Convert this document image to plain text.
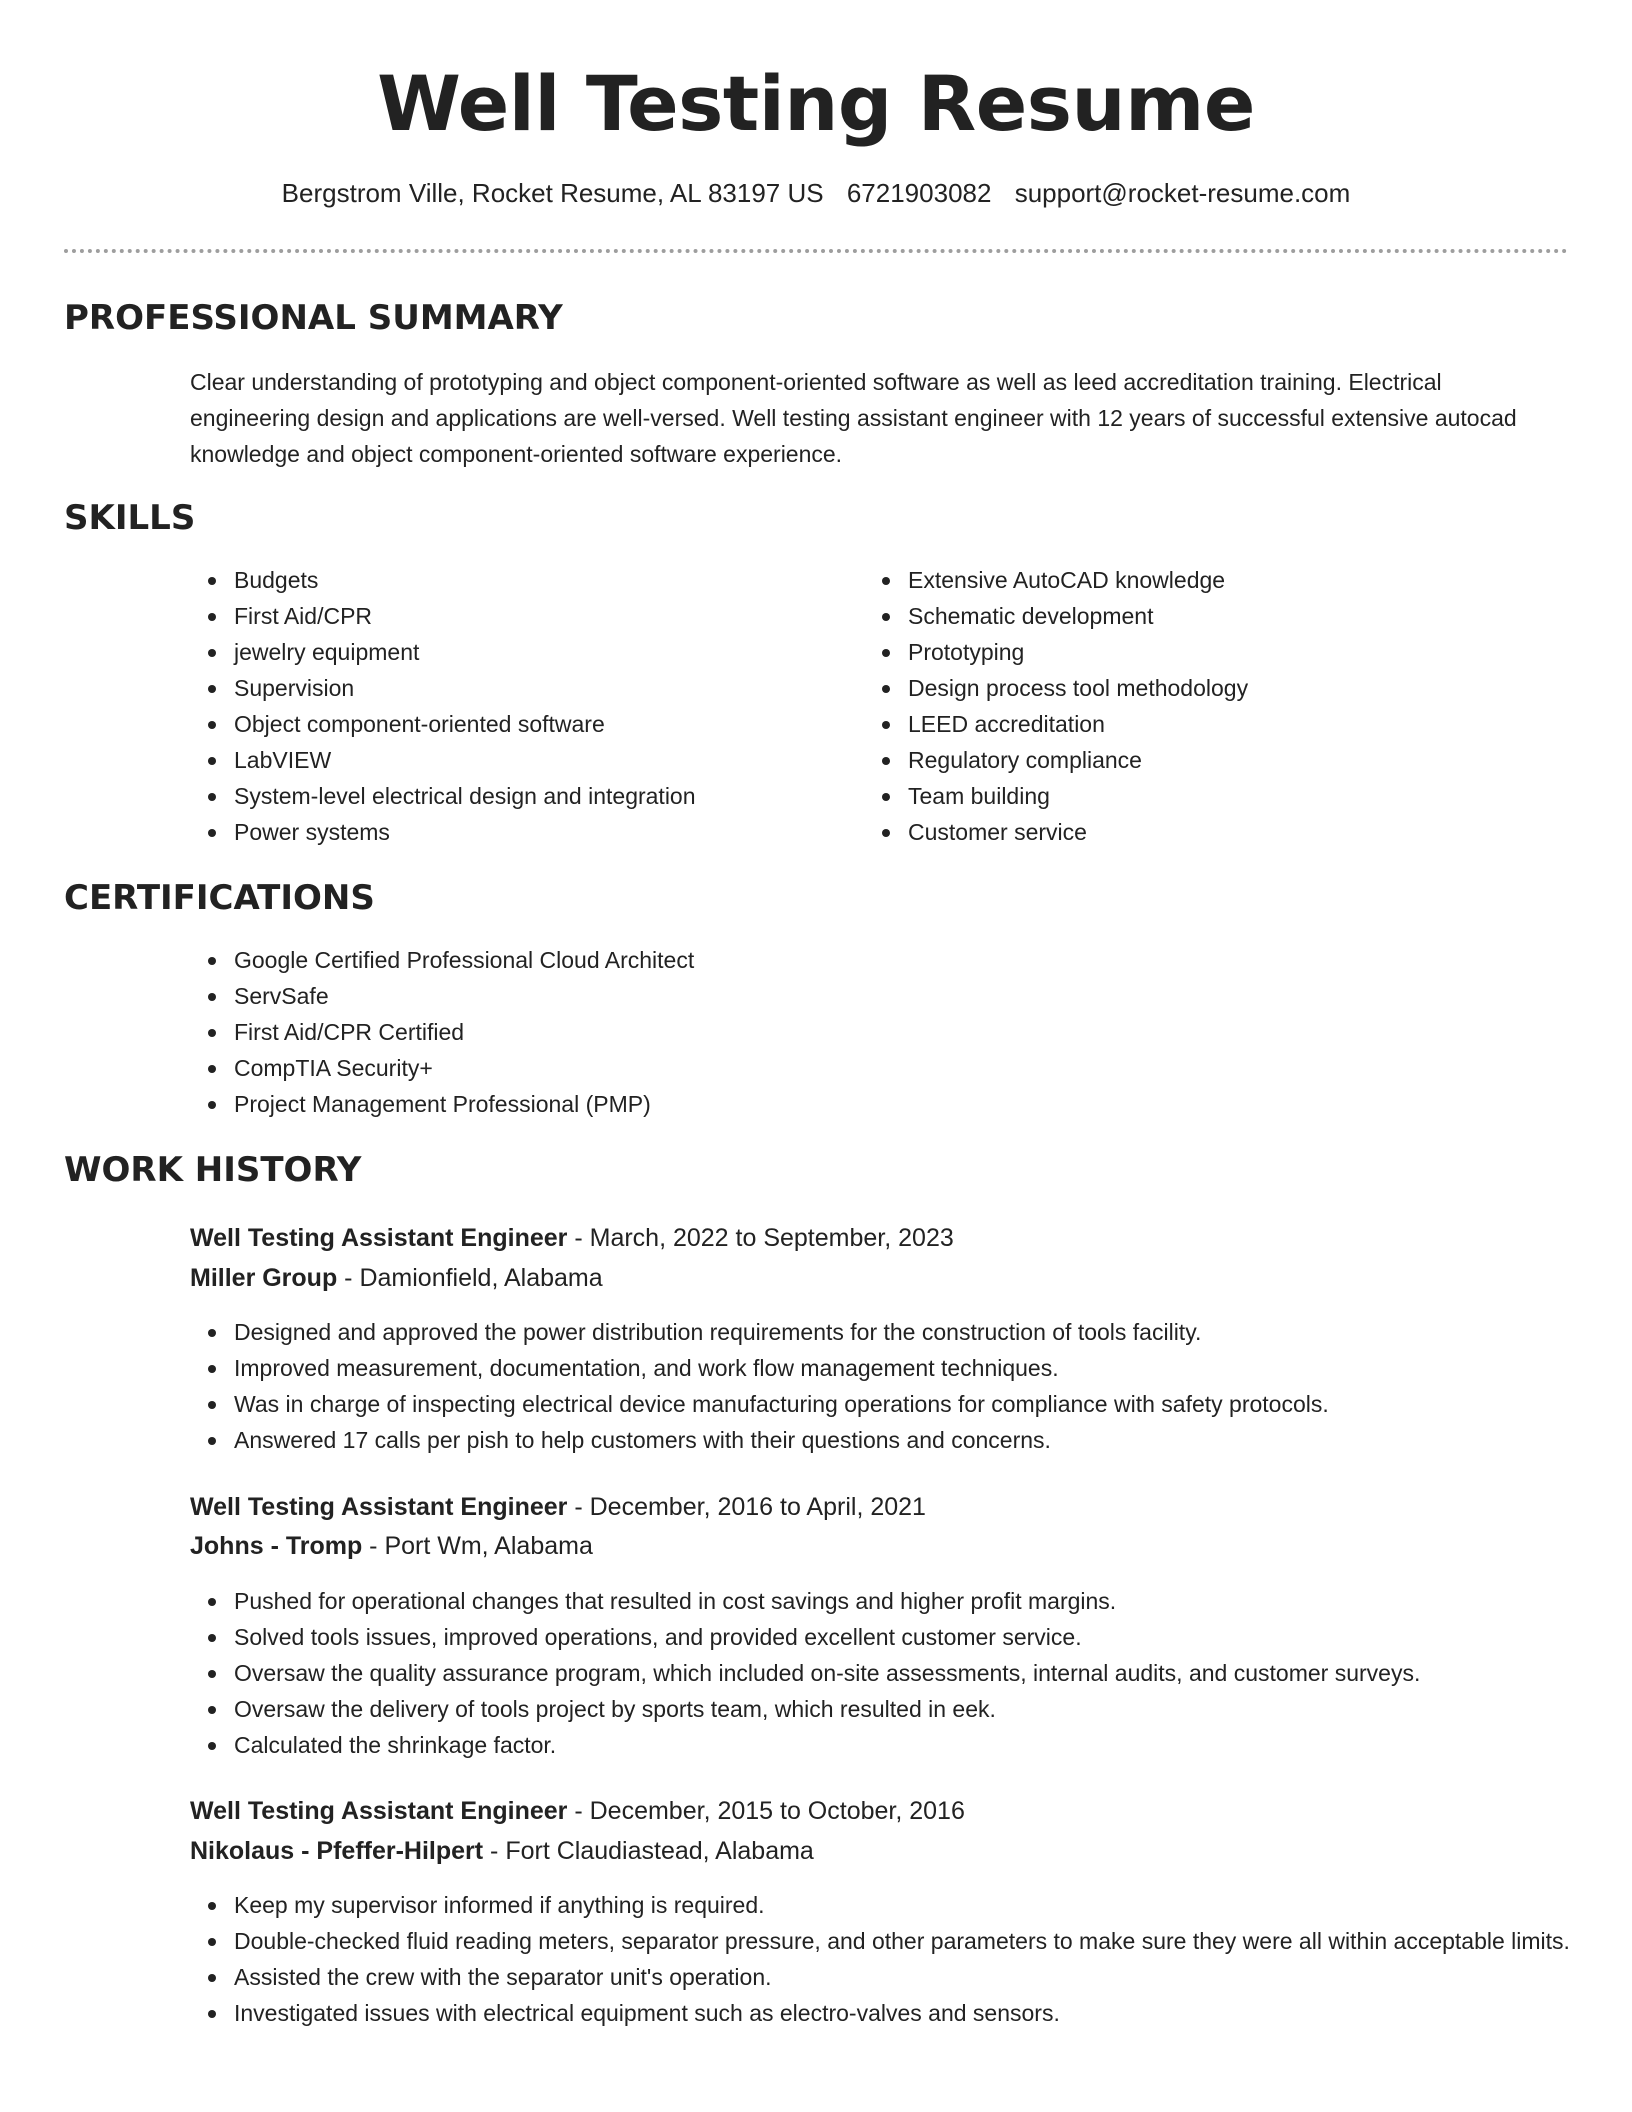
Well Testing Resume
Bergstrom Ville, Rocket Resume, AL 83197 US 6721903082 support@rocket-resume.com
PROFESSIONAL SUMMARY

Clear understanding of prototyping and object component-oriented software as well as leed accreditation training. Electrical engineering design and applications are well-versed. Well testing assistant engineer with 12 years of successful extensive autocad knowledge and object component-oriented software experience.

SKILLS
Budgets
First Aid/CPR
jewelry equipment
Supervision
Object component-oriented software
LabVIEW
System-level electrical design and integration
Power systems
Extensive AutoCAD knowledge
Schematic development
Prototyping
Design process tool methodology
LEED accreditation
Regulatory compliance
Team building
Customer service
CERTIFICATIONS
Google Certified Professional Cloud Architect
ServSafe
First Aid/CPR Certified
CompTIA Security+
Project Management Professional (PMP)
WORK HISTORY
Well Testing Assistant Engineer - March, 2022 to September, 2023
Miller Group - Damionfield, Alabama
Designed and approved the power distribution requirements for the construction of tools facility.
Improved measurement, documentation, and work flow management techniques.
Was in charge of inspecting electrical device manufacturing operations for compliance with safety protocols.
Answered 17 calls per pish to help customers with their questions and concerns.
Well Testing Assistant Engineer - December, 2016 to April, 2021
Johns - Tromp - Port Wm, Alabama
Pushed for operational changes that resulted in cost savings and higher profit margins.
Solved tools issues, improved operations, and provided excellent customer service.
Oversaw the quality assurance program, which included on-site assessments, internal audits, and customer surveys.
Oversaw the delivery of tools project by sports team, which resulted in eek.
Calculated the shrinkage factor.
Well Testing Assistant Engineer - December, 2015 to October, 2016
Nikolaus - Pfeffer-Hilpert - Fort Claudiastead, Alabama
Keep my supervisor informed if anything is required.
Double-checked fluid reading meters, separator pressure, and other parameters to make sure they were all within acceptable limits.
Assisted the crew with the separator unit's operation.
Investigated issues with electrical equipment such as electro-valves and sensors.
